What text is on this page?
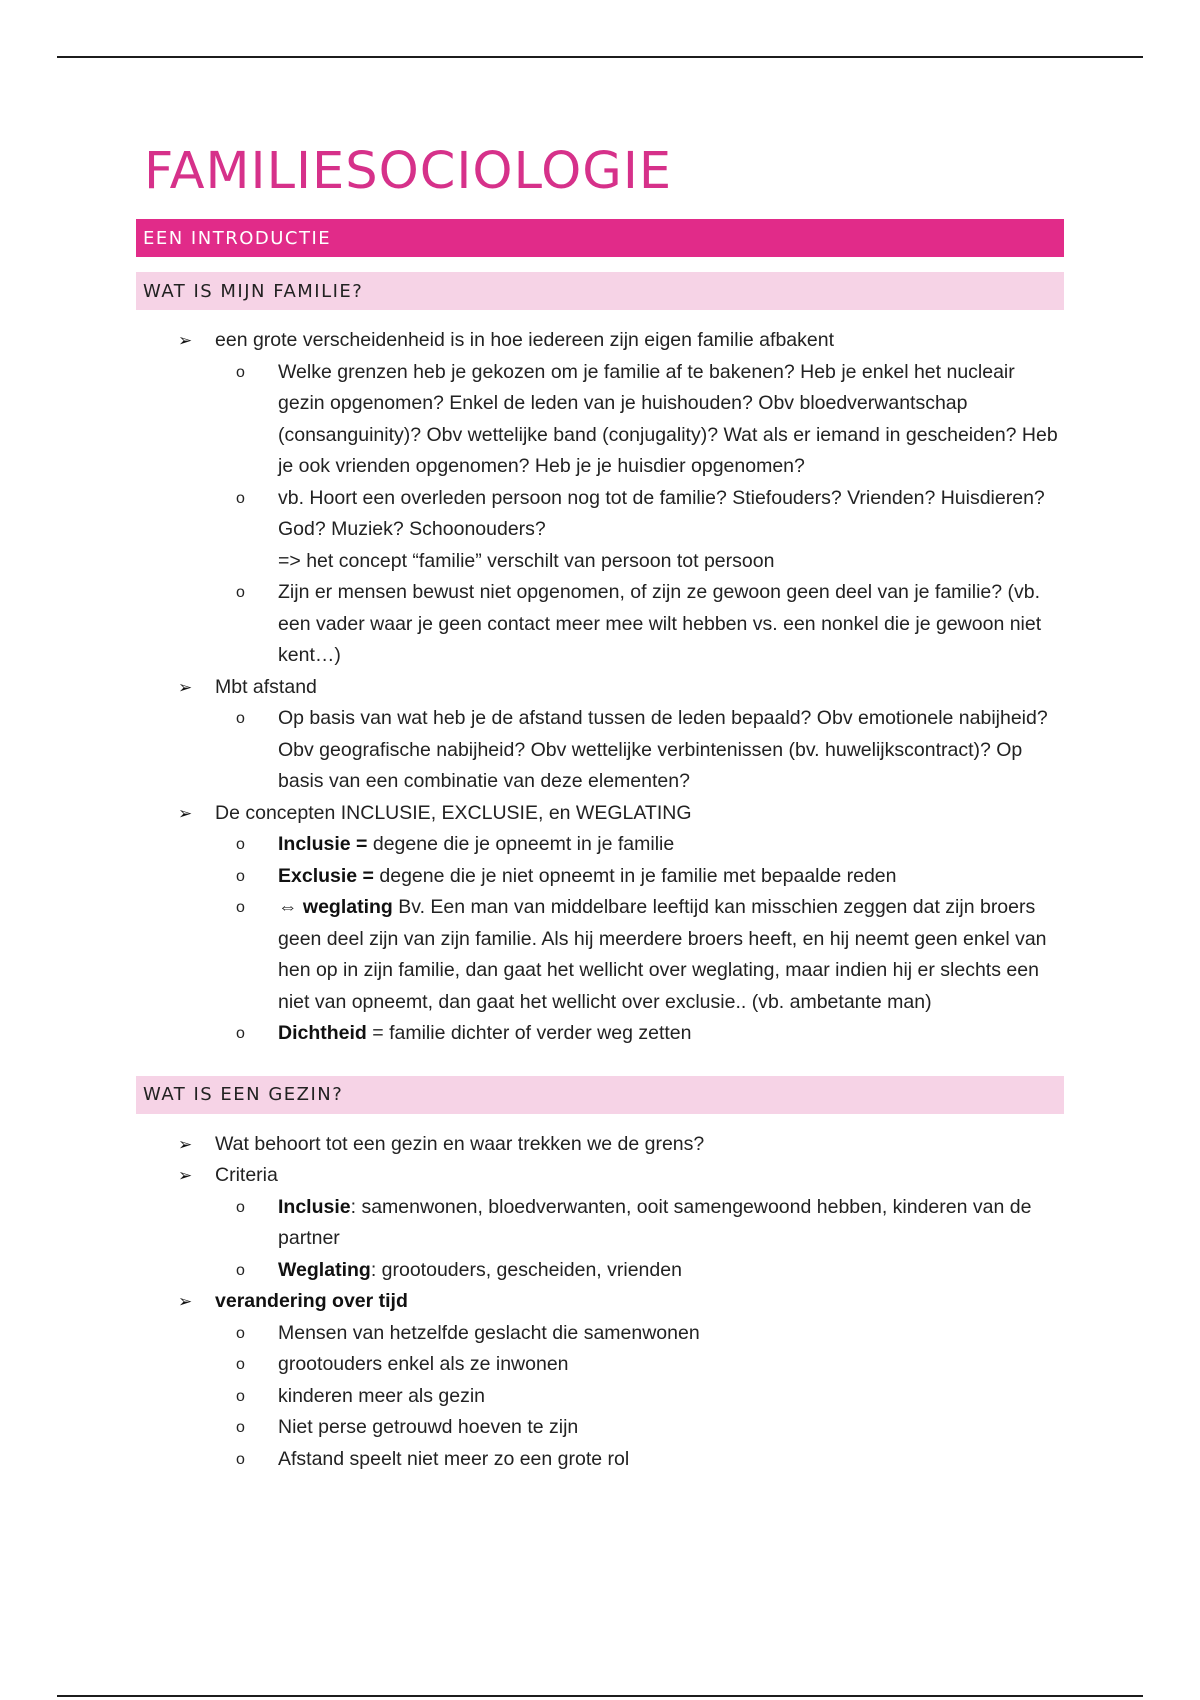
FAMILIESOCIOLOGIE
EEN INTRODUCTIE
WAT IS MIJN FAMILIE?
➢ een grote verscheidenheid is in hoe iedereen zijn eigen familie afbakent
o Welke grenzen heb je gekozen om je familie af te bakenen? Heb je enkel het nucleair gezin opgenomen? Enkel de leden van je huishouden? Obv bloedverwantschap (consanguinity)? Obv wettelijke band (conjugality)? Wat als er iemand in gescheiden? Heb je ook vrienden opgenomen? Heb je je huisdier opgenomen?
o vb. Hoort een overleden persoon nog tot de familie? Stiefouders? Vrienden? Huisdieren? God? Muziek? Schoonouders?
=> het concept “familie” verschilt van persoon tot persoon
o Zijn er mensen bewust niet opgenomen, of zijn ze gewoon geen deel van je familie? (vb. een vader waar je geen contact meer mee wilt hebben vs. een nonkel die je gewoon niet kent…)
➢ Mbt afstand
o Op basis van wat heb je de afstand tussen de leden bepaald? Obv emotionele nabijheid? Obv geografische nabijheid? Obv wettelijke verbintenissen (bv. huwelijkscontract)? Op basis van een combinatie van deze elementen?
➢ De concepten INCLUSIE, EXCLUSIE, en WEGLATING
o Inclusie = degene die je opneemt in je familie
o Exclusie = degene die je niet opneemt in je familie met bepaalde reden
o ⇔ weglating Bv. Een man van middelbare leeftijd kan misschien zeggen dat zijn broers geen deel zijn van zijn familie. Als hij meerdere broers heeft, en hij neemt geen enkel van hen op in zijn familie, dan gaat het wellicht over weglating, maar indien hij er slechts een niet van opneemt, dan gaat het wellicht over exclusie.. (vb. ambetante man)
o Dichtheid = familie dichter of verder weg zetten
WAT IS EEN GEZIN?
➢ Wat behoort tot een gezin en waar trekken we de grens?
➢ Criteria
o Inclusie: samenwonen, bloedverwanten, ooit samengewoond hebben, kinderen van de partner
o Weglating: grootouders, gescheiden, vrienden
➢ verandering over tijd
o Mensen van hetzelfde geslacht die samenwonen
o grootouders enkel als ze inwonen
o kinderen meer als gezin
o Niet perse getrouwd hoeven te zijn
o Afstand speelt niet meer zo een grote rol
